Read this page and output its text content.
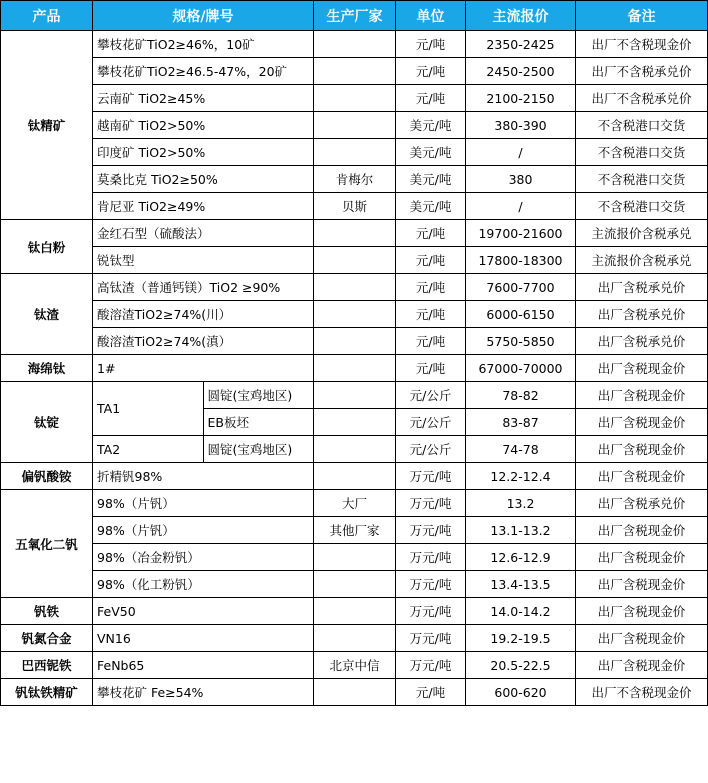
产品	规格/牌号		生产厂家	单位	主流报价	备注
钛精矿	攀枝花矿TiO2≥46%，10矿			元/吨	2350-2425	出厂不含税现金价
	攀枝花矿TiO2≥46.5-47%，20矿			元/吨	2450-2500	出厂不含税承兑价
	云南矿 TiO2≥45%			元/吨	2100-2150	出厂不含税承兑价
	越南矿 TiO2>50%			美元/吨	380-390	不含税港口交货
	印度矿 TiO2>50%			美元/吨	/	不含税港口交货
	莫桑比克 TiO2≥50%		肯梅尔	美元/吨	380	不含税港口交货
	肯尼亚 TiO2≥49%		贝斯	美元/吨	/	不含税港口交货
钛白粉	金红石型（硫酸法）			元/吨	19700-21600	主流报价含税承兑
	锐钛型			元/吨	17800-18300	主流报价含税承兑
钛渣	高钛渣（普通钙镁）TiO2 ≥90%			元/吨	7600-7700	出厂含税承兑价
	酸溶渣TiO2≥74%(川）			元/吨	6000-6150	出厂含税承兑价
	酸溶渣TiO2≥74%(滇）			元/吨	5750-5850	出厂含税承兑价
海绵钛	1#			元/吨	67000-70000	出厂含税现金价
钛锭	TA1	圆锭(宝鸡地区)		元/公斤	78-82	出厂含税现金价
		EB板坯		元/公斤	83-87	出厂含税现金价
	TA2	圆锭(宝鸡地区)		元/公斤	74-78	出厂含税现金价
偏钒酸铵	折精钒98%			万元/吨	12.2-12.4	出厂含税现金价
五氧化二钒	98%（片钒）		大厂	万元/吨	13.2	出厂含税承兑价
	98%（片钒）		其他厂家	万元/吨	13.1-13.2	出厂含税现金价
	98%（冶金粉钒）			万元/吨	12.6-12.9	出厂含税现金价
	98%（化工粉钒）			万元/吨	13.4-13.5	出厂含税现金价
钒铁	FeV50			万元/吨	14.0-14.2	出厂含税现金价
钒氮合金	VN16			万元/吨	19.2-19.5	出厂含税现金价
巴西铌铁	FeNb65		北京中信	万元/吨	20.5-22.5	出厂含税现金价
钒钛铁精矿	攀枝花矿 Fe≥54%			元/吨	600-620	出厂不含税现金价
